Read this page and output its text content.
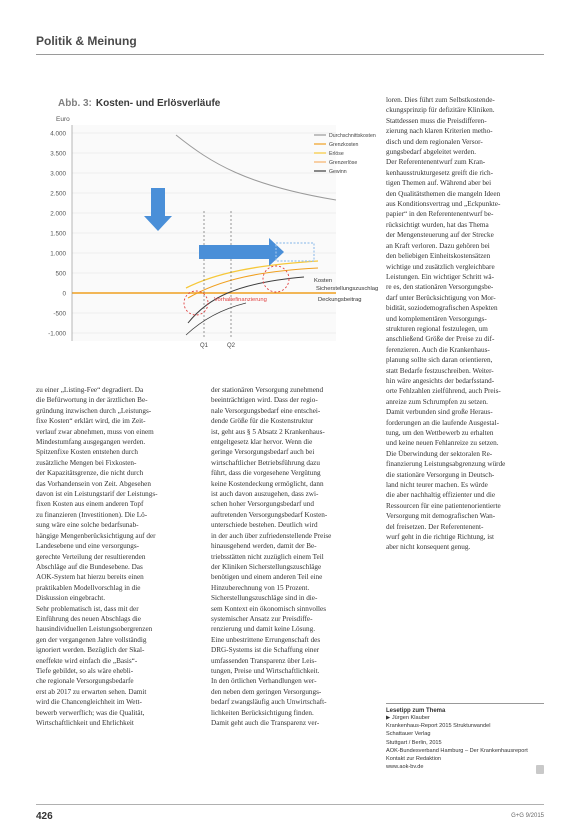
Politik & Meinung
Abb. 3: Kosten- und Erlösverläufe
Euro
4.000
3.500
3.000
2.500
2.000
1.500
1.000
500
0
-500
-1.000
Q1	Q2
Kosten
Sicherstellungszuschlag
Vorhaltefinanzierung	Deckungsbeitrag
Durchschnittskosten
Grenzkosten
Erlöse
Grenzerlöse
Gewinn
zu einer „Listing-Fee“ degradiert. Da
die Befürwortung in der ärztlichen Be-
gründung inzwischen durch „Leistungs-
fixe Kosten“ erklärt wird, die im Zeit-
verlauf zwar abnehmen, muss von einem
Mindestumfang ausgegangen werden.
Spitzenfixe Kosten entstehen durch
zusätzliche Mengen bei Fixkosten-
der Kapazitätsgrenze, die nicht durch
das Vorhandensein von Zeit. Abgesehen
davon ist ein Leistungstarif der Leistungs-
fixen Kosten aus einem anderen Topf
zu finanzieren (Investitionen). Die Lö-
sung wäre eine solche bedarfsunab-
hängige Mengenberücksichtigung auf der
Landesebene und eine versorgungs-
gerechte Verteilung der resultierenden
Abschläge auf die Bundesebene. Das
AOK-System hat hierzu bereits einen
praktikablen Modellvorschlag in die
Diskussion eingebracht.
Sehr problematisch ist, dass mit der
Einführung des neuen Abschlags die
hausindividuellen Leistungsobergrenzen
gen der vergangenen Jahre vollständig
ignoriert werden. Bezüglich der Skal-
eneffekte wird einfach die „Basis“-
Tiefe gebildet, so als wäre ehebli-
che regionale Versorgungsbedarfe
erst ab 2017 zu erwarten sehen. Damit
wird die Chancengleichheit im Wett-
bewerb verwerflich; was die Qualität,
Wirtschaftlichkeit und Ehrlichkeit
der stationären Versorgung zunehmend
beeinträchtigen wird. Dass der regio-
nale Versorgungsbedarf eine entschei-
dende Größe für die Kostenstruktur
ist, geht aus § 5 Absatz 2 Krankenhaus-
entgeltgesetz klar hervor. Wenn die
geringe Versorgungsbedarf auch bei
wirtschaftlicher Betriebsführung dazu
führt, dass die vorgesehene Vergütung
keine Kostendeckung ermöglicht, dann
ist auch davon auszugehen, dass zwi-
schen hoher Versorgungsbedarf und
auftretenden Versorgungsbedarf Kosten-
unterschiede bestehen. Deutlich wird
in der auch über zufriedenstellende Preise
hinausgehend werden, damit der Be-
triebsstätten nicht zuzüglich einem Teil
der Kliniken Sicherstellungszuschläge
benötigen und einem anderen Teil eine
Hinzuberechnung von 15 Prozent.
Sicherstellungszuschläge sind in die-
sem Kontext ein ökonomisch sinnvolles
systemischer Ansatz zur Preisdiffe-
renzierung und damit keine Lösung.
Eine unbestrittene Errungenschaft des
DRG-Systems ist die Schaffung einer
umfassenden Transparenz über Leis-
tungen, Preise und Wirtschaftlichkeit.
In den örtlichen Verhandlungen wer-
den neben dem geringen Versorgungs-
bedarf zwangsläufig auch Unwirtschaft-
lichkeiten Berücksichtigung finden.
Damit geht auch die Transparenz ver-
loren. Dies führt zum Selbstkostende-
ckungsprinzip für defizitäre Kliniken.
Stattdessen muss die Preisdifferen-
zierung nach klaren Kriterien metho-
disch und dem regionalen Versor-
gungsbedarf abgeleitet werden.
Der Referentenentwurf zum Kran-
kenhausstrukturgesetz greift die rich-
tigen Themen auf. Während aber bei
den Qualitätsthemen die mangeln Ideen
aus Konditionsvertrag und „Eckpunkte-
papier“ in den Referentenentwurf be-
rücksichtigt wurden, hat das Thema
der Mengensteuerung auf der Strecke
an Kraft verloren. Dazu gehören bei
den beliebigen Einheitskostensätzen
wichtige und zusätzlich vergleichbare
Leistungen. Ein wichtiger Schritt wä-
re es, den stationären Versorgungsbe-
darf unter Berücksichtigung von Mor-
bidität, soziodemografischen Aspekten
und komplementären Versorgungs-
strukturen regional festzulegen, um
anschließend Größe der Preise zu dif-
ferenzieren. Auch die Krankenhaus-
planung sollte sich daran orientieren,
statt Bedarfe festzuschreiben. Weiter-
hin wäre angesichts der bedarfsstand-
orte Fehlzahlen zielführend, auch Preis-
anreize zum Schrumpfen zu setzen.
Damit verbunden sind große Heraus-
forderungen an die laufende Ausgestal-
tung, um den Wettbewerb zu erhalten
und keine neuen Fehlanreize zu setzen.
Die Überwindung der sektoralen Re-
finanzierung Leistungsabgrenzung würde
die stationäre Versorgung in Deutsch-
land nicht teurer machen. Es würde
die aber nachhaltig effizienter und die
Ressourcen für eine patientenorientierte
Versorgung mit demografischen Wan-
del freisetzen. Der Referentenent-
wurf geht in die richtige Richtung, ist
aber nicht konsequent genug.
Lesetipp zum Thema
▶ Jürgen Klauber
Krankenhaus-Report 2015 Strukturwandel
Schattauer Verlag
Stuttgart / Berlin, 2015
AOK-Bundesverband Hamburg – Der Krankenhausreport
Kontakt zur Redaktion
www.aok-bv.de
426	G+G 9/2015
